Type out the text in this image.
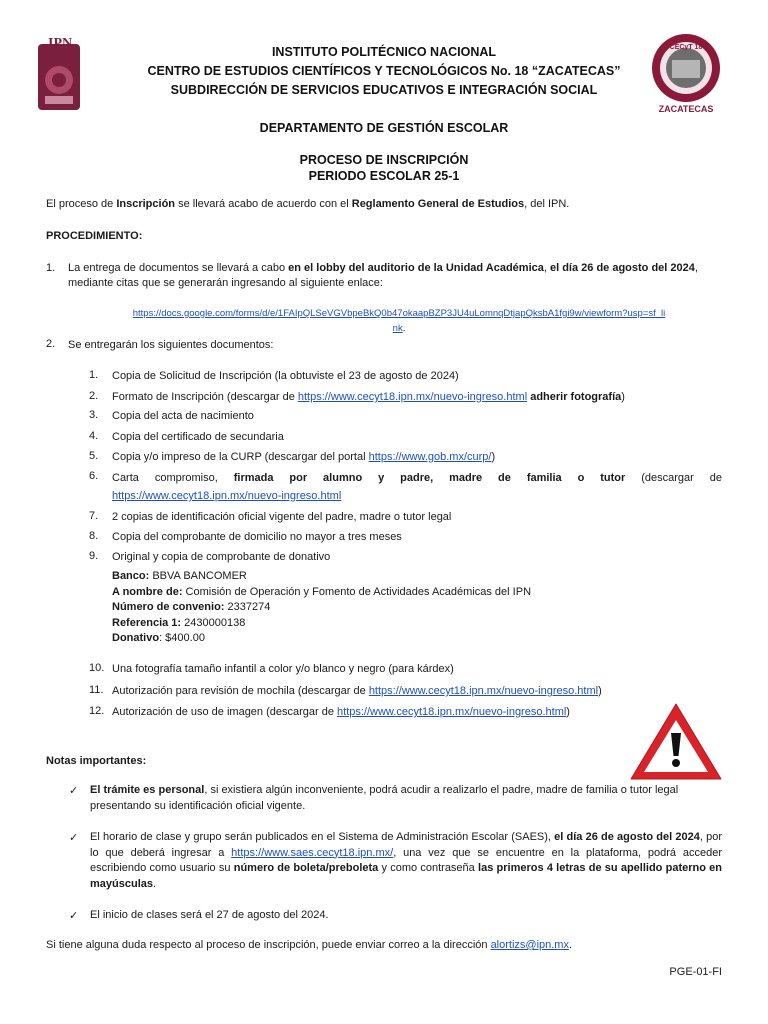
IPN	CECyT 18
ZACATECAS
INSTITUTO POLITÉCNICO NACIONAL
CENTRO DE ESTUDIOS CIENTÍFICOS Y TECNOLÓGICOS No. 18 “ZACATECAS”
SUBDIRECCIÓN DE SERVICIOS EDUCATIVOS E INTEGRACIÓN SOCIAL
DEPARTAMENTO DE GESTIÓN ESCOLAR
PROCESO DE INSCRIPCIÓN
PERIODO ESCOLAR 25-1
El proceso de Inscripción se llevará acabo de acuerdo con el Reglamento General de Estudios, del IPN.
PROCEDIMIENTO:
1. La entrega de documentos se llevará a cabo en el lobby del auditorio de la Unidad Académica, el día 26 de agosto del 2024,
mediante citas que se generarán ingresando al siguiente enlace:
https://docs.google.com/forms/d/e/1FAIpQLSeVGVbpeBkQ0b47okaapBZP3JU4uLomnqDtjapQksbA1fgi9w/viewform?usp=sf_li
nk.
2. Se entregarán los siguientes documentos:
1. Copia de Solicitud de Inscripción (la obtuviste el 23 de agosto de 2024)
2. Formato de Inscripción (descargar de https://www.cecyt18.ipn.mx/nuevo-ingreso.html adherir fotografía)
3. Copia del acta de nacimiento
4. Copia del certificado de secundaria
5. Copia y/o impreso de la CURP (descargar del portal https://www.gob.mx/curp/)
6. Carta compromiso, firmada por alumno y padre, madre de familia o tutor (descargar de
https://www.cecyt18.ipn.mx/nuevo-ingreso.html
7. 2 copias de identificación oficial vigente del padre, madre o tutor legal
8. Copia del comprobante de domicilio no mayor a tres meses
9. Original y copia de comprobante de donativo
Banco: BBVA BANCOMER
A nombre de: Comisión de Operación y Fomento de Actividades Académicas del IPN
Número de convenio: 2337274
Referencia 1: 2430000138
Donativo: $400.00
10. Una fotografía tamaño infantil a color y/o blanco y negro (para kárdex)
11. Autorización para revisión de mochila (descargar de https://www.cecyt18.ipn.mx/nuevo-ingreso.html)
12. Autorización de uso de imagen (descargar de https://www.cecyt18.ipn.mx/nuevo-ingreso.html)
Notas importantes:
✓ El trámite es personal, si existiera algún inconveniente, podrá acudir a realizarlo el padre, madre de familia o tutor legal presentando su identificación oficial vigente.
✓ El horario de clase y grupo serán publicados en el Sistema de Administración Escolar (SAES), el día 26 de agosto del 2024, por lo que deberá ingresar a https://www.saes.cecyt18.ipn.mx/, una vez que se encuentre en la plataforma, podrá acceder escribiendo como usuario su número de boleta/preboleta y como contraseña las primeros 4 letras de su apellido paterno en mayúsculas.
✓ El inicio de clases será el 27 de agosto del 2024.
Si tiene alguna duda respecto al proceso de inscripción, puede enviar correo a la dirección alortizs@ipn.mx.
PGE-01-FI
